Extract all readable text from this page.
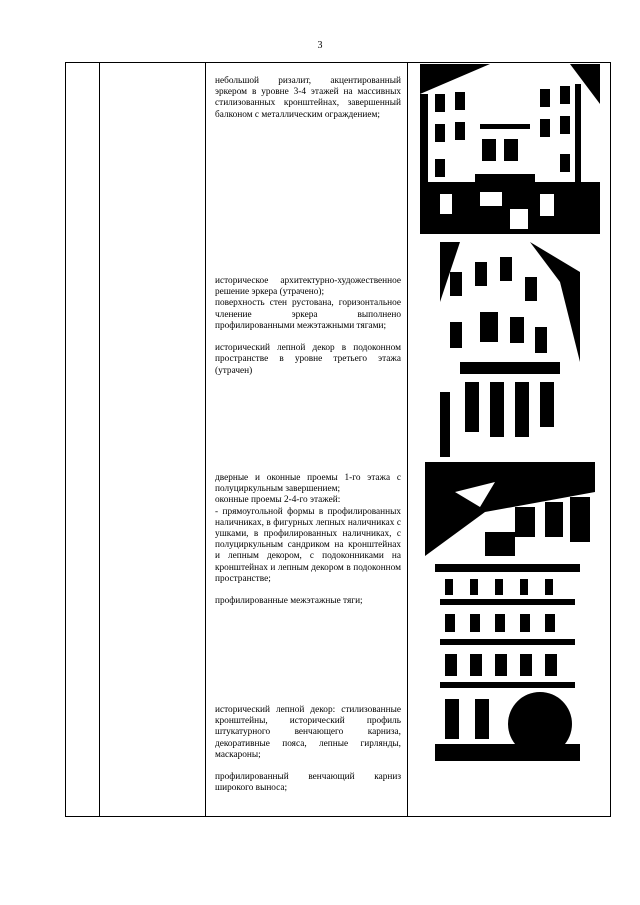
3

небольшой ризалит, акцентированный эркером в уровне 3-4 этажей на массивных стилизованных кронштейнах, завершенный балконом с металлическим ограждением;

историческое архитектурно-художественное решение эркера (утрачено);

поверхность стен рустована, горизонтальное членение эркера выполнено профилированными межэтажными тягами;

исторический лепной декор в подоконном пространстве в уровне третьего этажа (утрачен)

дверные и оконные проемы 1-го этажа с полуциркульным завершением;

оконные проемы 2-4-го этажей:

- прямоугольной формы в профилированных наличниках, в фигурных лепных наличниках с ушками, в профилированных наличниках, с полуциркульным сандриком на кронштейнах и лепным декором, с подоконниками на кронштейнах и лепным декором в подоконном пространстве;

профилированные межэтажные тяги;

исторический лепной декор: стилизованные кронштейны, исторический профиль штукатурного венчающего карниза, декоративные пояса, лепные гирлянды, маскароны;

профилированный венчающий карниз широкого выноса;
